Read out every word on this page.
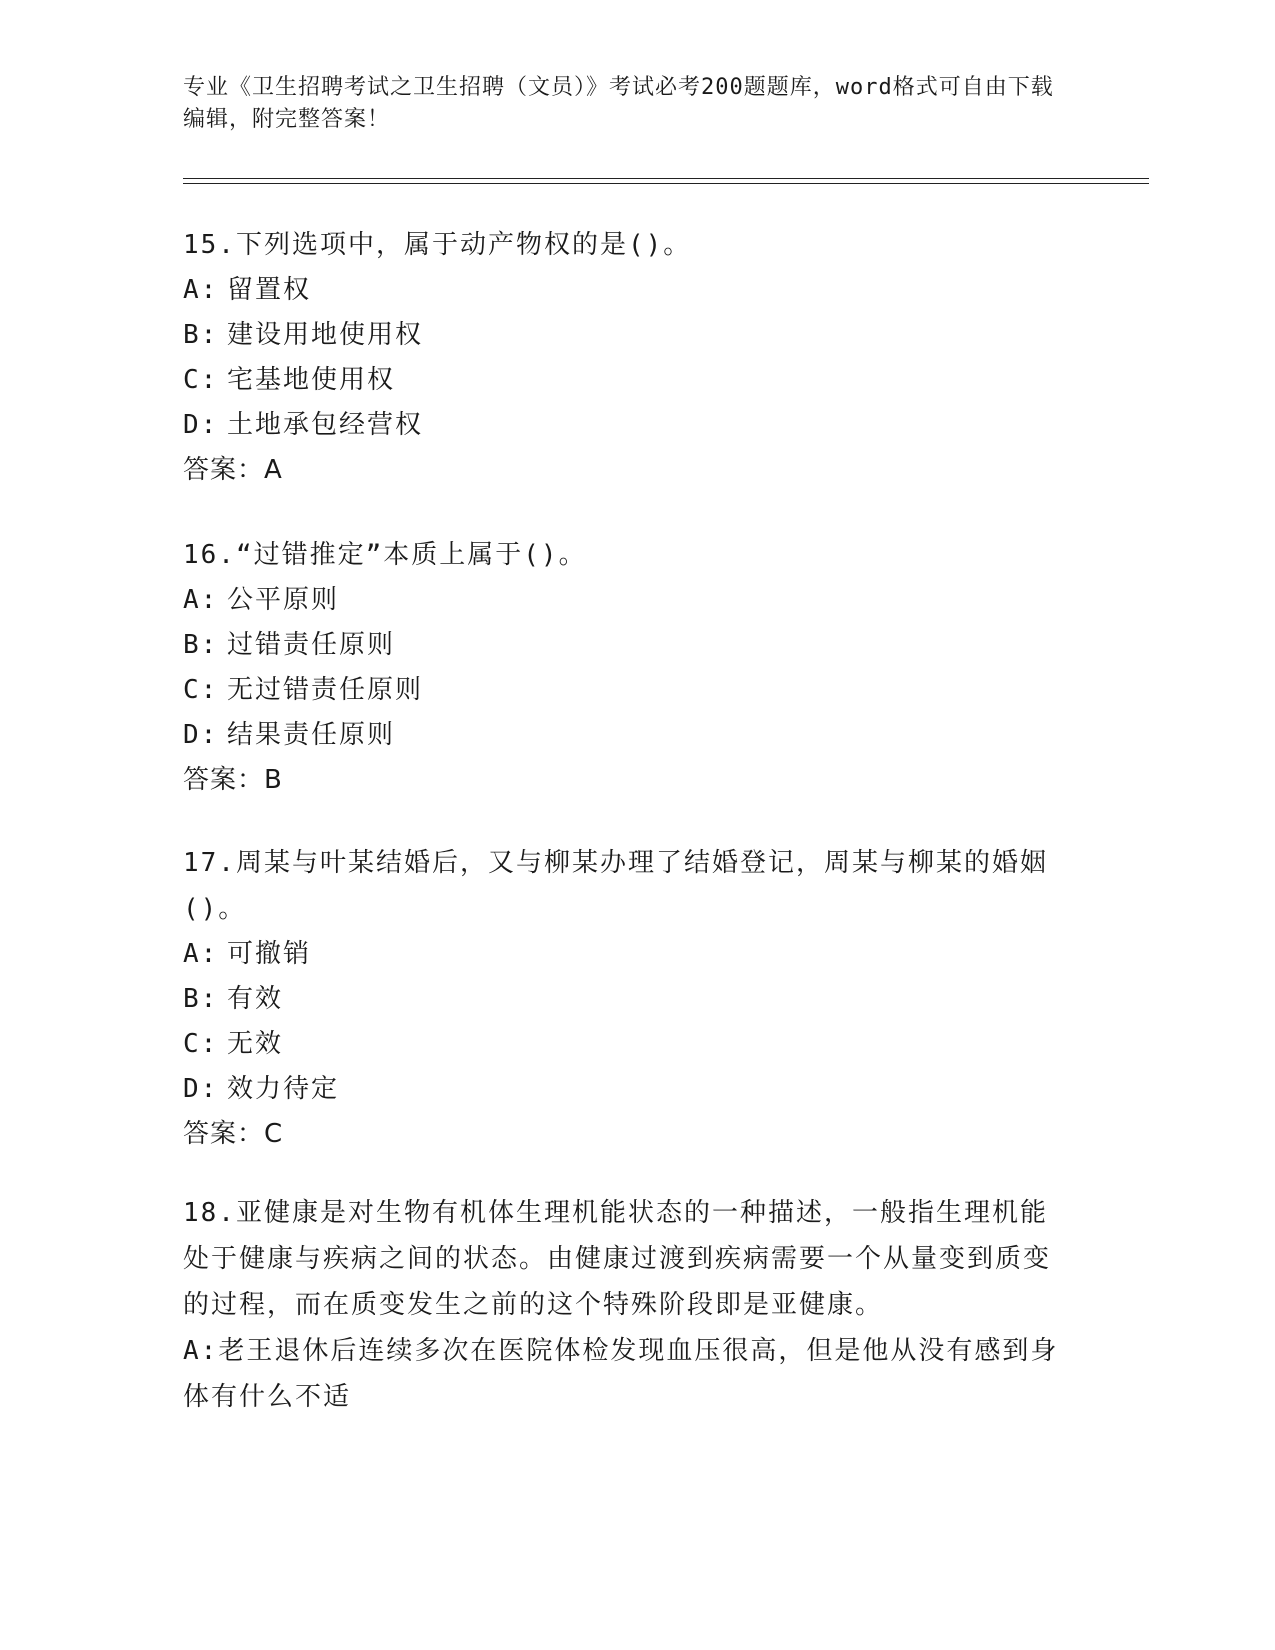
专业《卫生招聘考试之卫生招聘（文员）》考试必考200题题库，word格式可自由下载编辑，附完整答案！

15.下列选项中，属于动产物权的是()。

A: 留置权

B: 建设用地使用权

C: 宅基地使用权

D: 土地承包经营权

答案：A

16.“过错推定”本质上属于()。

A: 公平原则

B: 过错责任原则

C: 无过错责任原则

D: 结果责任原则

答案：B

17.周某与叶某结婚后，又与柳某办理了结婚登记，周某与柳某的婚姻()。

A: 可撤销

B: 有效

C: 无效

D: 效力待定

答案：C

18.亚健康是对生物有机体生理机能状态的一种描述，一般指生理机能处于健康与疾病之间的状态。由健康过渡到疾病需要一个从量变到质变的过程，而在质变发生之前的这个特殊阶段即是亚健康。

A:老王退休后连续多次在医院体检发现血压很高，但是他从没有感到身体有什么不适
